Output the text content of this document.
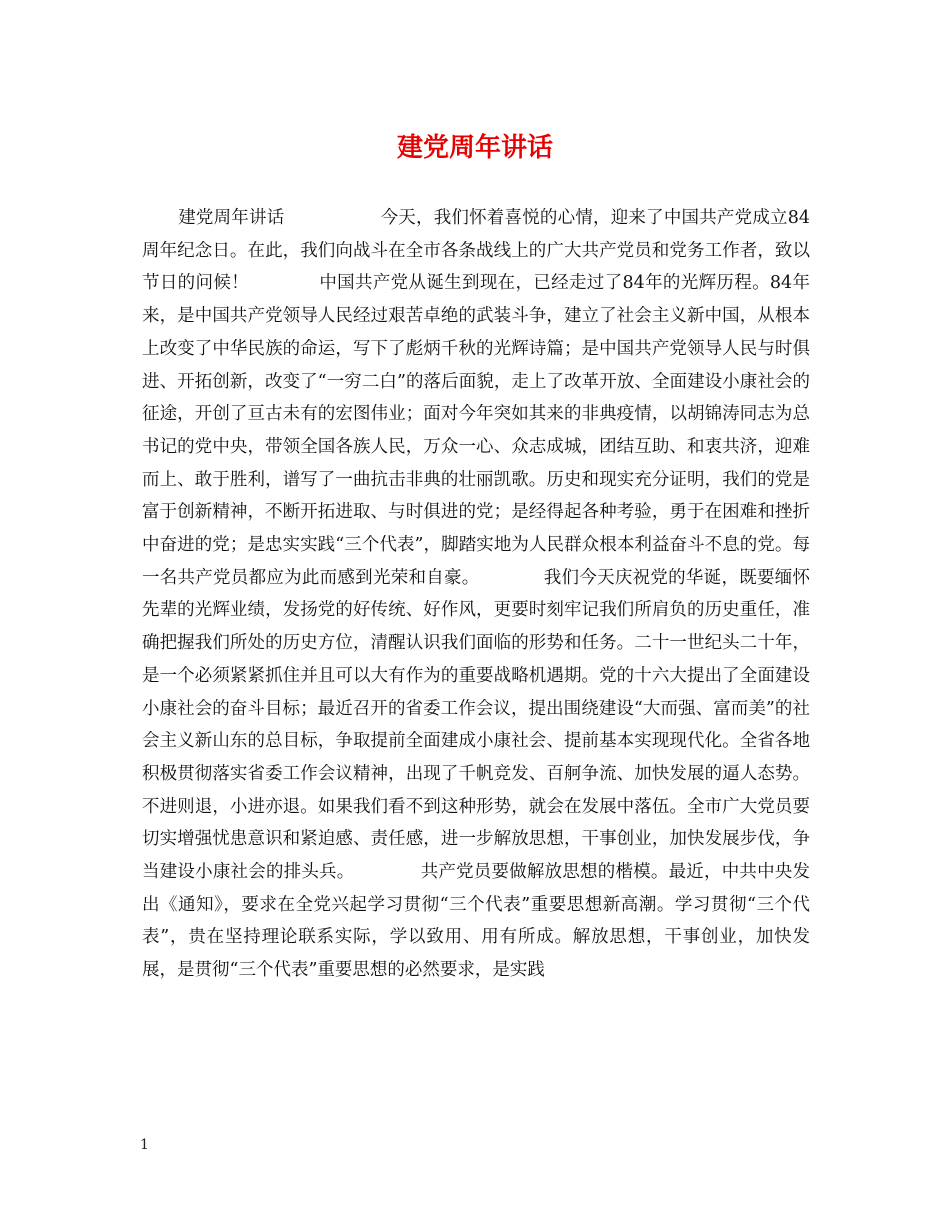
建党周年讲话

建党周年讲话	今天，我们怀着喜悦的心情，迎来了中国共产党成立84周年纪念日。在此，我们向战斗在全市各条战线上的广大共产党员和党务工作者，致以节日的问候！	中国共产党从诞生到现在，已经走过了84年的光辉历程。84年来，是中国共产党领导人民经过艰苦卓绝的武装斗争，建立了社会主义新中国，从根本上改变了中华民族的命运，写下了彪炳千秋的光辉诗篇；是中国共产党领导人民与时俱进、开拓创新，改变了“一穷二白”的落后面貌，走上了改革开放、全面建设小康社会的征途，开创了亘古未有的宏图伟业；面对今年突如其来的非典疫情，以胡锦涛同志为总书记的党中央，带领全国各族人民，万众一心、众志成城，团结互助、和衷共济，迎难而上、敢于胜利，谱写了一曲抗击非典的壮丽凯歌。历史和现实充分证明，我们的党是富于创新精神，不断开拓进取、与时俱进的党；是经得起各种考验，勇于在困难和挫折中奋进的党；是忠实实践“三个代表”，脚踏实地为人民群众根本利益奋斗不息的党。每一名共产党员都应为此而感到光荣和自豪。	我们今天庆祝党的华诞，既要缅怀先辈的光辉业绩，发扬党的好传统、好作风，更要时刻牢记我们所肩负的历史重任，准确把握我们所处的历史方位，清醒认识我们面临的形势和任务。二十一世纪头二十年，是一个必须紧紧抓住并且可以大有作为的重要战略机遇期。党的十六大提出了全面建设小康社会的奋斗目标；最近召开的省委工作会议，提出围绕建设“大而强、富而美”的社会主义新山东的总目标，争取提前全面建成小康社会、提前基本实现现代化。全省各地积极贯彻落实省委工作会议精神，出现了千帆竞发、百舸争流、加快发展的逼人态势。不进则退，小进亦退。如果我们看不到这种形势，就会在发展中落伍。全市广大党员要切实增强忧患意识和紧迫感、责任感，进一步解放思想，干事创业，加快发展步伐，争当建设小康社会的排头兵。	共产党员要做解放思想的楷模。最近，中共中央发出《通知》，要求在全党兴起学习贯彻“三个代表”重要思想新高潮。学习贯彻“三个代表”，贵在坚持理论联系实际，学以致用、用有所成。解放思想，干事创业，加快发展，是贯彻“三个代表”重要思想的必然要求，是实践

1
